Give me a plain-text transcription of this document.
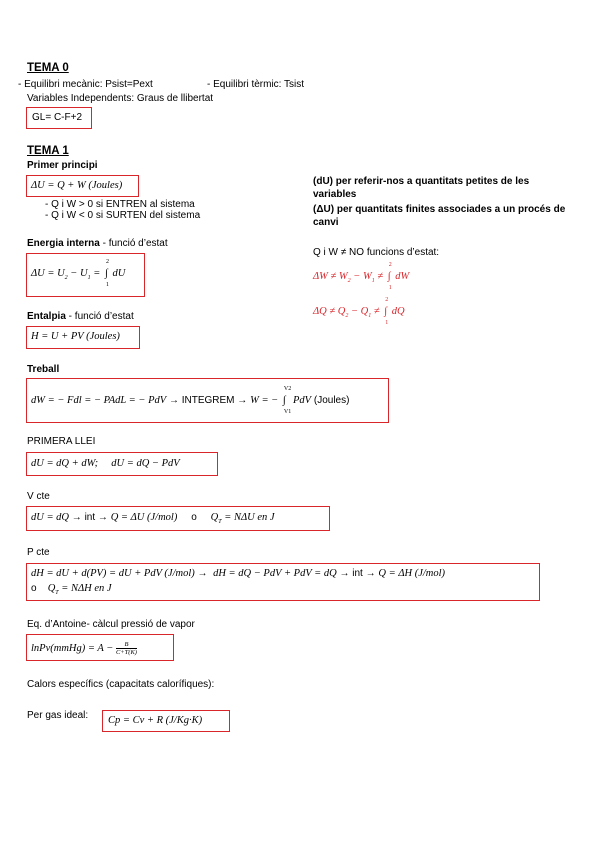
TEMA 0
- Equilibri mecànic: Psist=Pext	- Equilibri tèrmic: Tsist
Variables Independents: Graus de llibertat
GL= C-F+2
TEMA 1
Primer principi
ΔU = Q + W (Joules)
- Q i W > 0 si ENTREN al sistema
- Q i W < 0 si SURTEN del sistema
Energia interna - funció d’estat
$\Delta U = U_2 - U_1$ = ∫
2
1
dU
Entalpia - funció d’estat
H = U + PV (Joules)
Treball
dW = − Fdl = − PAdL = − PdV → INTEGREM → W = − ∫
V2
V1
PdV (Joules)
PRIMERA LLEI
dU = dQ + dW;     dU = dQ − PdV
V cte
dU = dQ → int → Q = ΔU (J/mol)     o     $Q_T = N\Delta U$ en J
P cte
dH = dU + d(PV) = dU + PdV (J/mol) →  dH = dQ − PdV + PdV = dQ → int → Q = ΔH (J/mol)
o    $Q_T = N\Delta H$ en J
Eq. d’Antoine- càlcul pressió de vapor
lnPv(mmHg) = $A - \frac{B}{C+T(K)}$
Calors específics (capacitats calorífiques):
Per gas ideal: Cp = Cv + R (J/Kg·K)
(dU) per referir-nos a quantitats petites de les variables
(ΔU) per quantitats finites associades a un procés de canvi
Q i W ≠ NO funcions d’estat:
$\Delta W \ne W_2 - W_1$ ≠ ∫
2
1
dW
$\Delta Q \ne Q_2 - Q_1$ ≠ ∫
2
1
dQ
